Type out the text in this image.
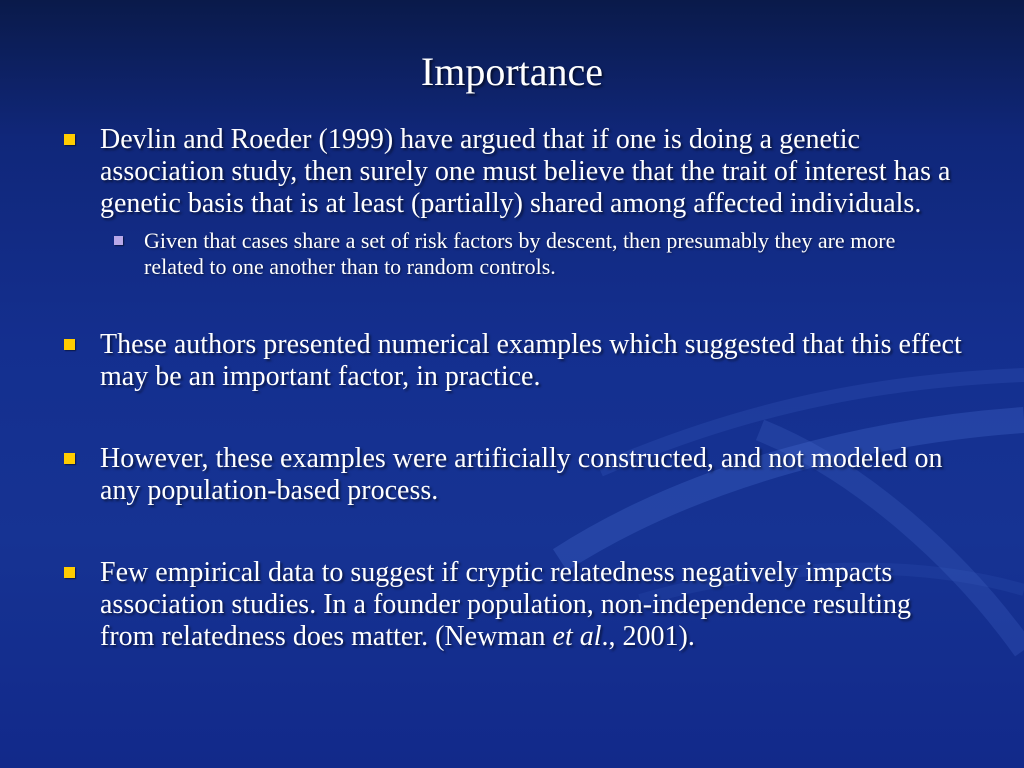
Importance
Devlin and Roeder (1999) have argued that if one is doing a genetic association study, then surely one must believe that the trait of interest has a genetic basis that is at least (partially) shared among affected individuals.
Given that cases share a set of risk factors by descent, then presumably they are more related to one another than to random controls.
These authors presented numerical examples which suggested that this effect may be an important factor, in practice.
However, these examples were artificially constructed, and not modeled on any population-based process.
Few empirical data to suggest if cryptic relatedness negatively impacts association studies. In a founder population, non-independence resulting from relatedness does matter. (Newman et al., 2001).
